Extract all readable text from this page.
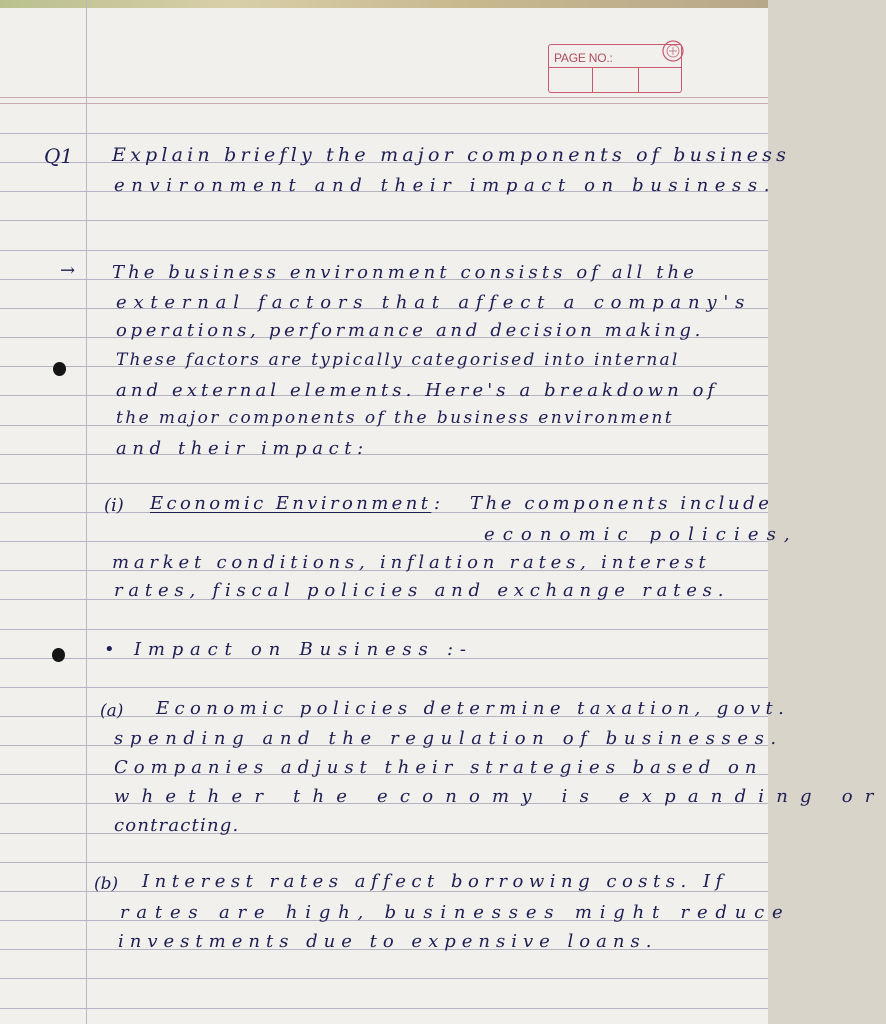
PAGE NO.:

Q1 Explain briefly the major components of business

environment and their impact on business.

→ The business environment consists of all the

external factors that affect a company's

operations, performance and decision making.

These factors are typically categorised into internal

and external elements. Here's a breakdown of

the major components of the business environment

and their impact:

(i) Economic Environment : The components include

economic policies,

market conditions, inflation rates, interest

rates, fiscal policies and exchange rates.

• Impact on Business :-

(a) Economic policies determine taxation, govt.

spending and the regulation of businesses.

Companies adjust their strategies based on

whether the economy is expanding or

contracting.

(b) Interest rates affect borrowing costs. If

rates are high, businesses might reduce

investments due to expensive loans.
